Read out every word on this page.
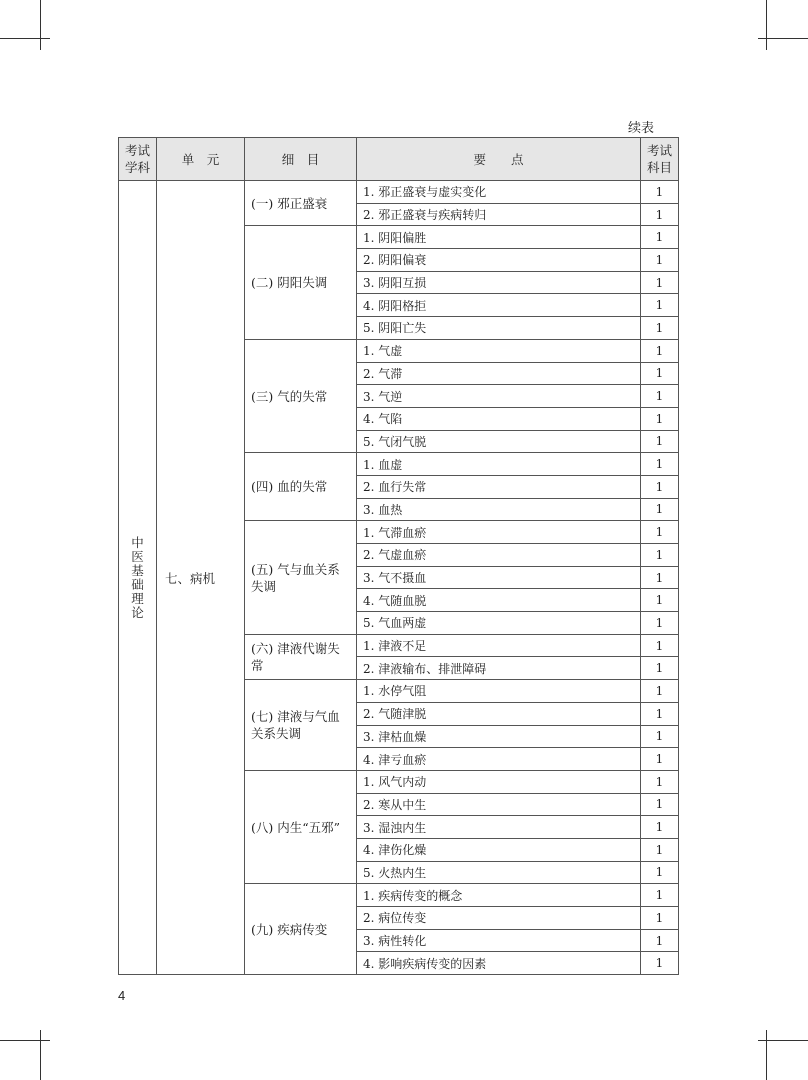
续表
考试学科	单　元	细　目	要　　点	考试科目
中医基础理论	七、病机	(一) 邪正盛衰	1. 邪正盛衰与虚实变化	1
			2. 邪正盛衰与疾病转归	1
		(二) 阴阳失调	1. 阴阳偏胜	1
			2. 阴阳偏衰	1
			3. 阴阳互损	1
			4. 阴阳格拒	1
			5. 阴阳亡失	1
		(三) 气的失常	1. 气虚	1
			2. 气滞	1
			3. 气逆	1
			4. 气陷	1
			5. 气闭气脱	1
		(四) 血的失常	1. 血虚	1
			2. 血行失常	1
			3. 血热	1
		(五) 气与血关系失调	1. 气滞血瘀	1
			2. 气虚血瘀	1
			3. 气不摄血	1
			4. 气随血脱	1
			5. 气血两虚	1
		(六) 津液代谢失常	1. 津液不足	1
			2. 津液输布、排泄障碍	1
		(七) 津液与气血关系失调	1. 水停气阻	1
			2. 气随津脱	1
			3. 津枯血燥	1
			4. 津亏血瘀	1
		(八) 内生“五邪”	1. 风气内动	1
			2. 寒从中生	1
			3. 湿浊内生	1
			4. 津伤化燥	1
			5. 火热内生	1
		(九) 疾病传变	1. 疾病传变的概念	1
			2. 病位传变	1
			3. 病性转化	1
			4. 影响疾病传变的因素	1
4
